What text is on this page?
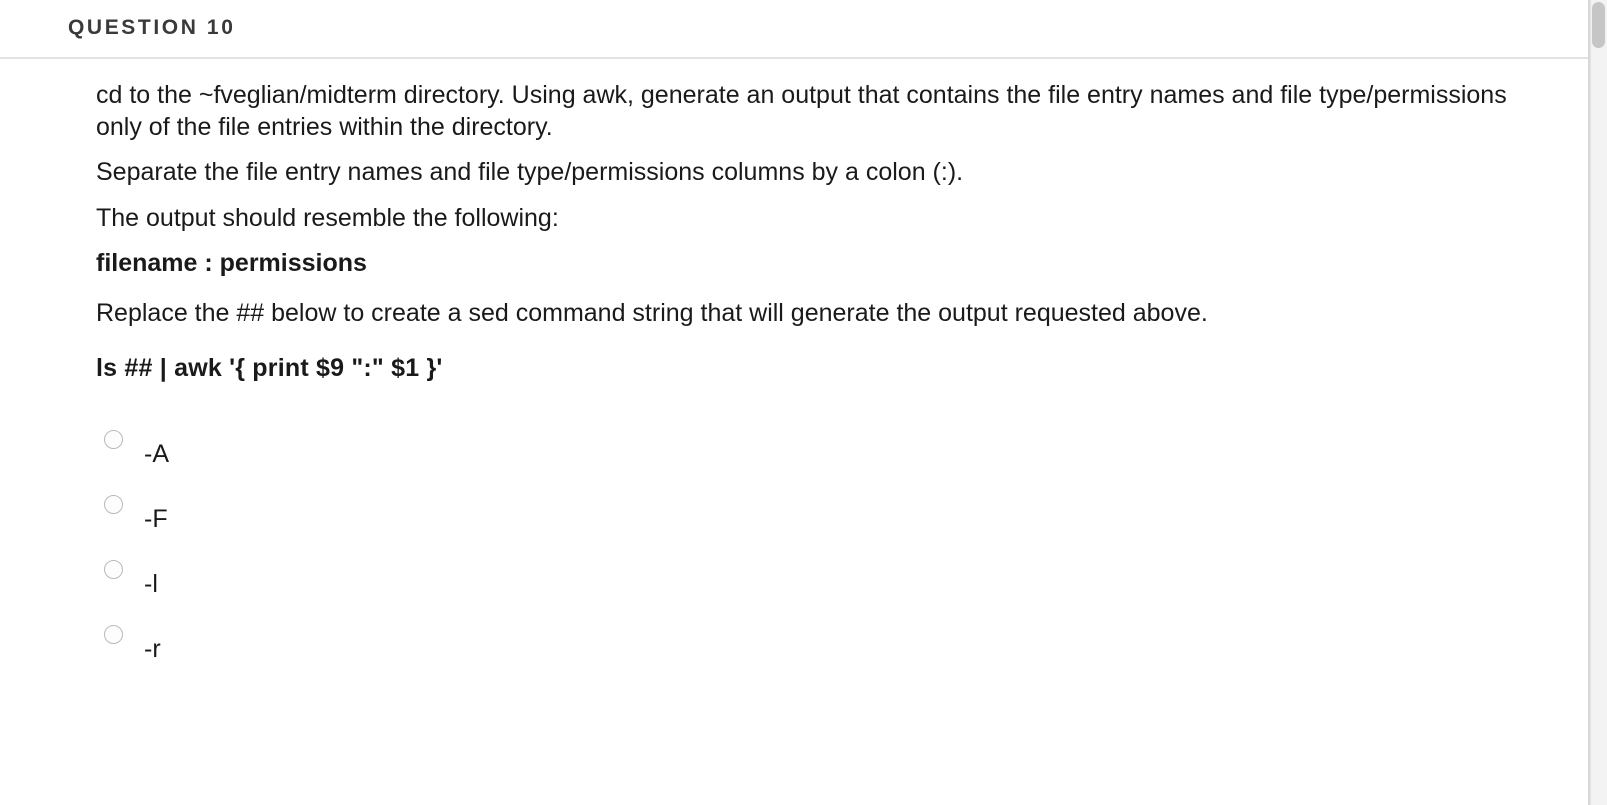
QUESTION 10

cd to the ~fveglian/midterm directory. Using awk, generate an output that contains the file entry names and file type/permissions only of the file entries within the directory.

Separate the file entry names and file type/permissions columns by a colon (:).

The output should resemble the following:

filename : permissions

Replace the ## below to create a sed command string that will generate the output requested above.

ls ## | awk '{ print $9 ":" $1 }'

-A
-F
-l
-r
